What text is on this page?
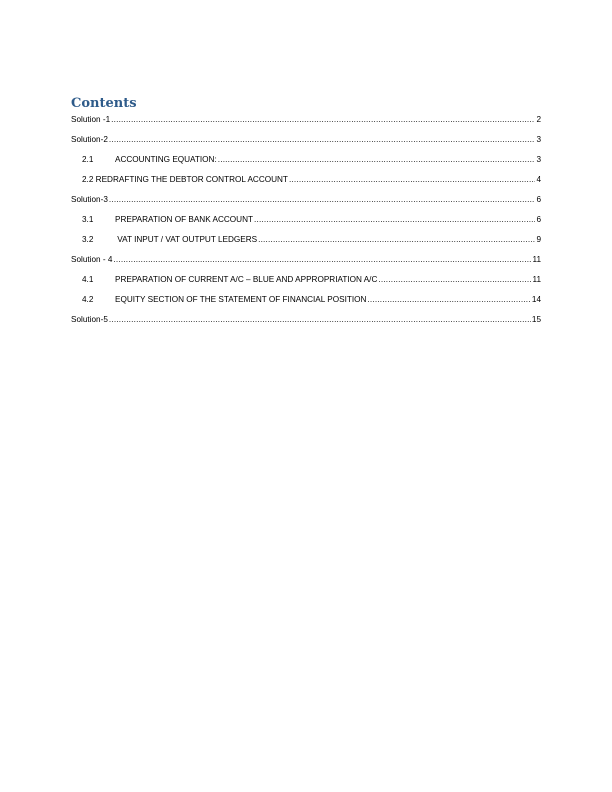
Contents
Solution -1 .....	2
Solution-2 .....	3
2.1	ACCOUNTING EQUATION: .....	3
2.2 REDRAFTING THE DEBTOR CONTROL ACCOUNT .....	4
Solution-3 .....	6
3.1	PREPARATION OF BANK ACCOUNT .....	6
3.2	VAT INPUT / VAT OUTPUT LEDGERS .....	9
Solution - 4 .....	11
4.1	PREPARATION OF CURRENT A/C – BLUE AND APPROPRIATION A/C .....	11
4.2	EQUITY SECTION OF THE STATEMENT OF FINANCIAL POSITION .....	14
Solution-5 .....	15
